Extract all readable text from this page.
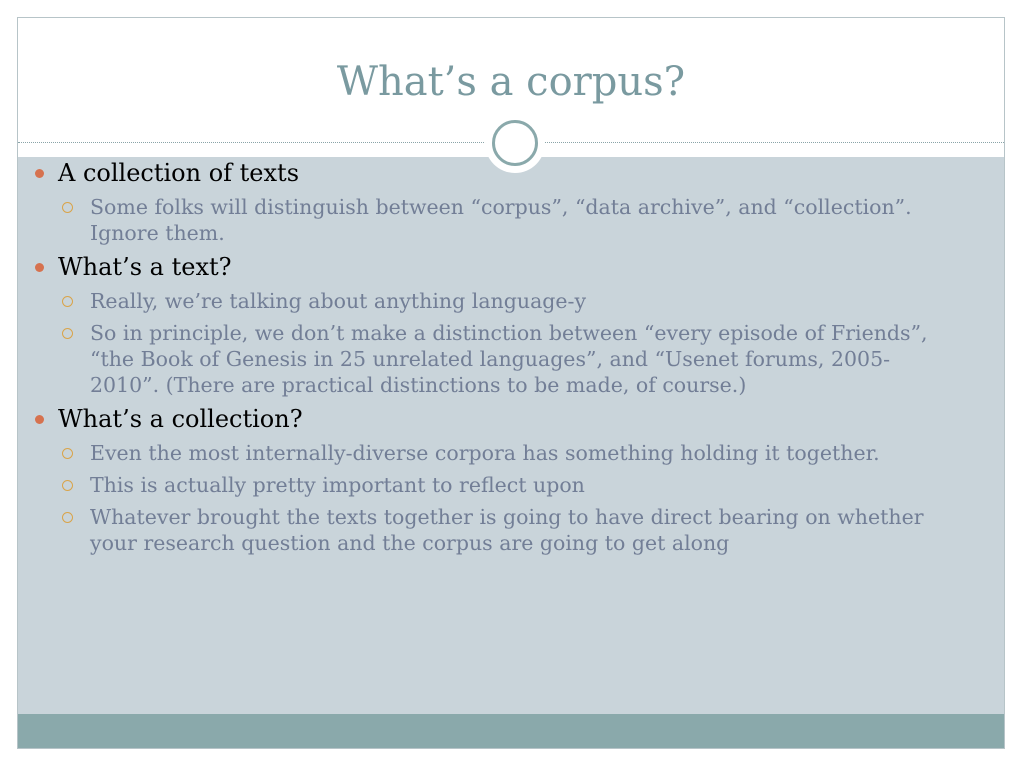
What’s a corpus?
A collection of texts
Some folks will distinguish between “corpus”, “data archive”, and “collection”. Ignore them.
What’s a text?
Really, we’re talking about anything language-y
So in principle, we don’t make a distinction between “every episode of Friends”, “the Book of Genesis in 25 unrelated languages”, and “Usenet forums, 2005-2010”. (There are practical distinctions to be made, of course.)
What’s a collection?
Even the most internally-diverse corpora has something holding it together.
This is actually pretty important to reflect upon
Whatever brought the texts together is going to have direct bearing on whether your research question and the corpus are going to get along
